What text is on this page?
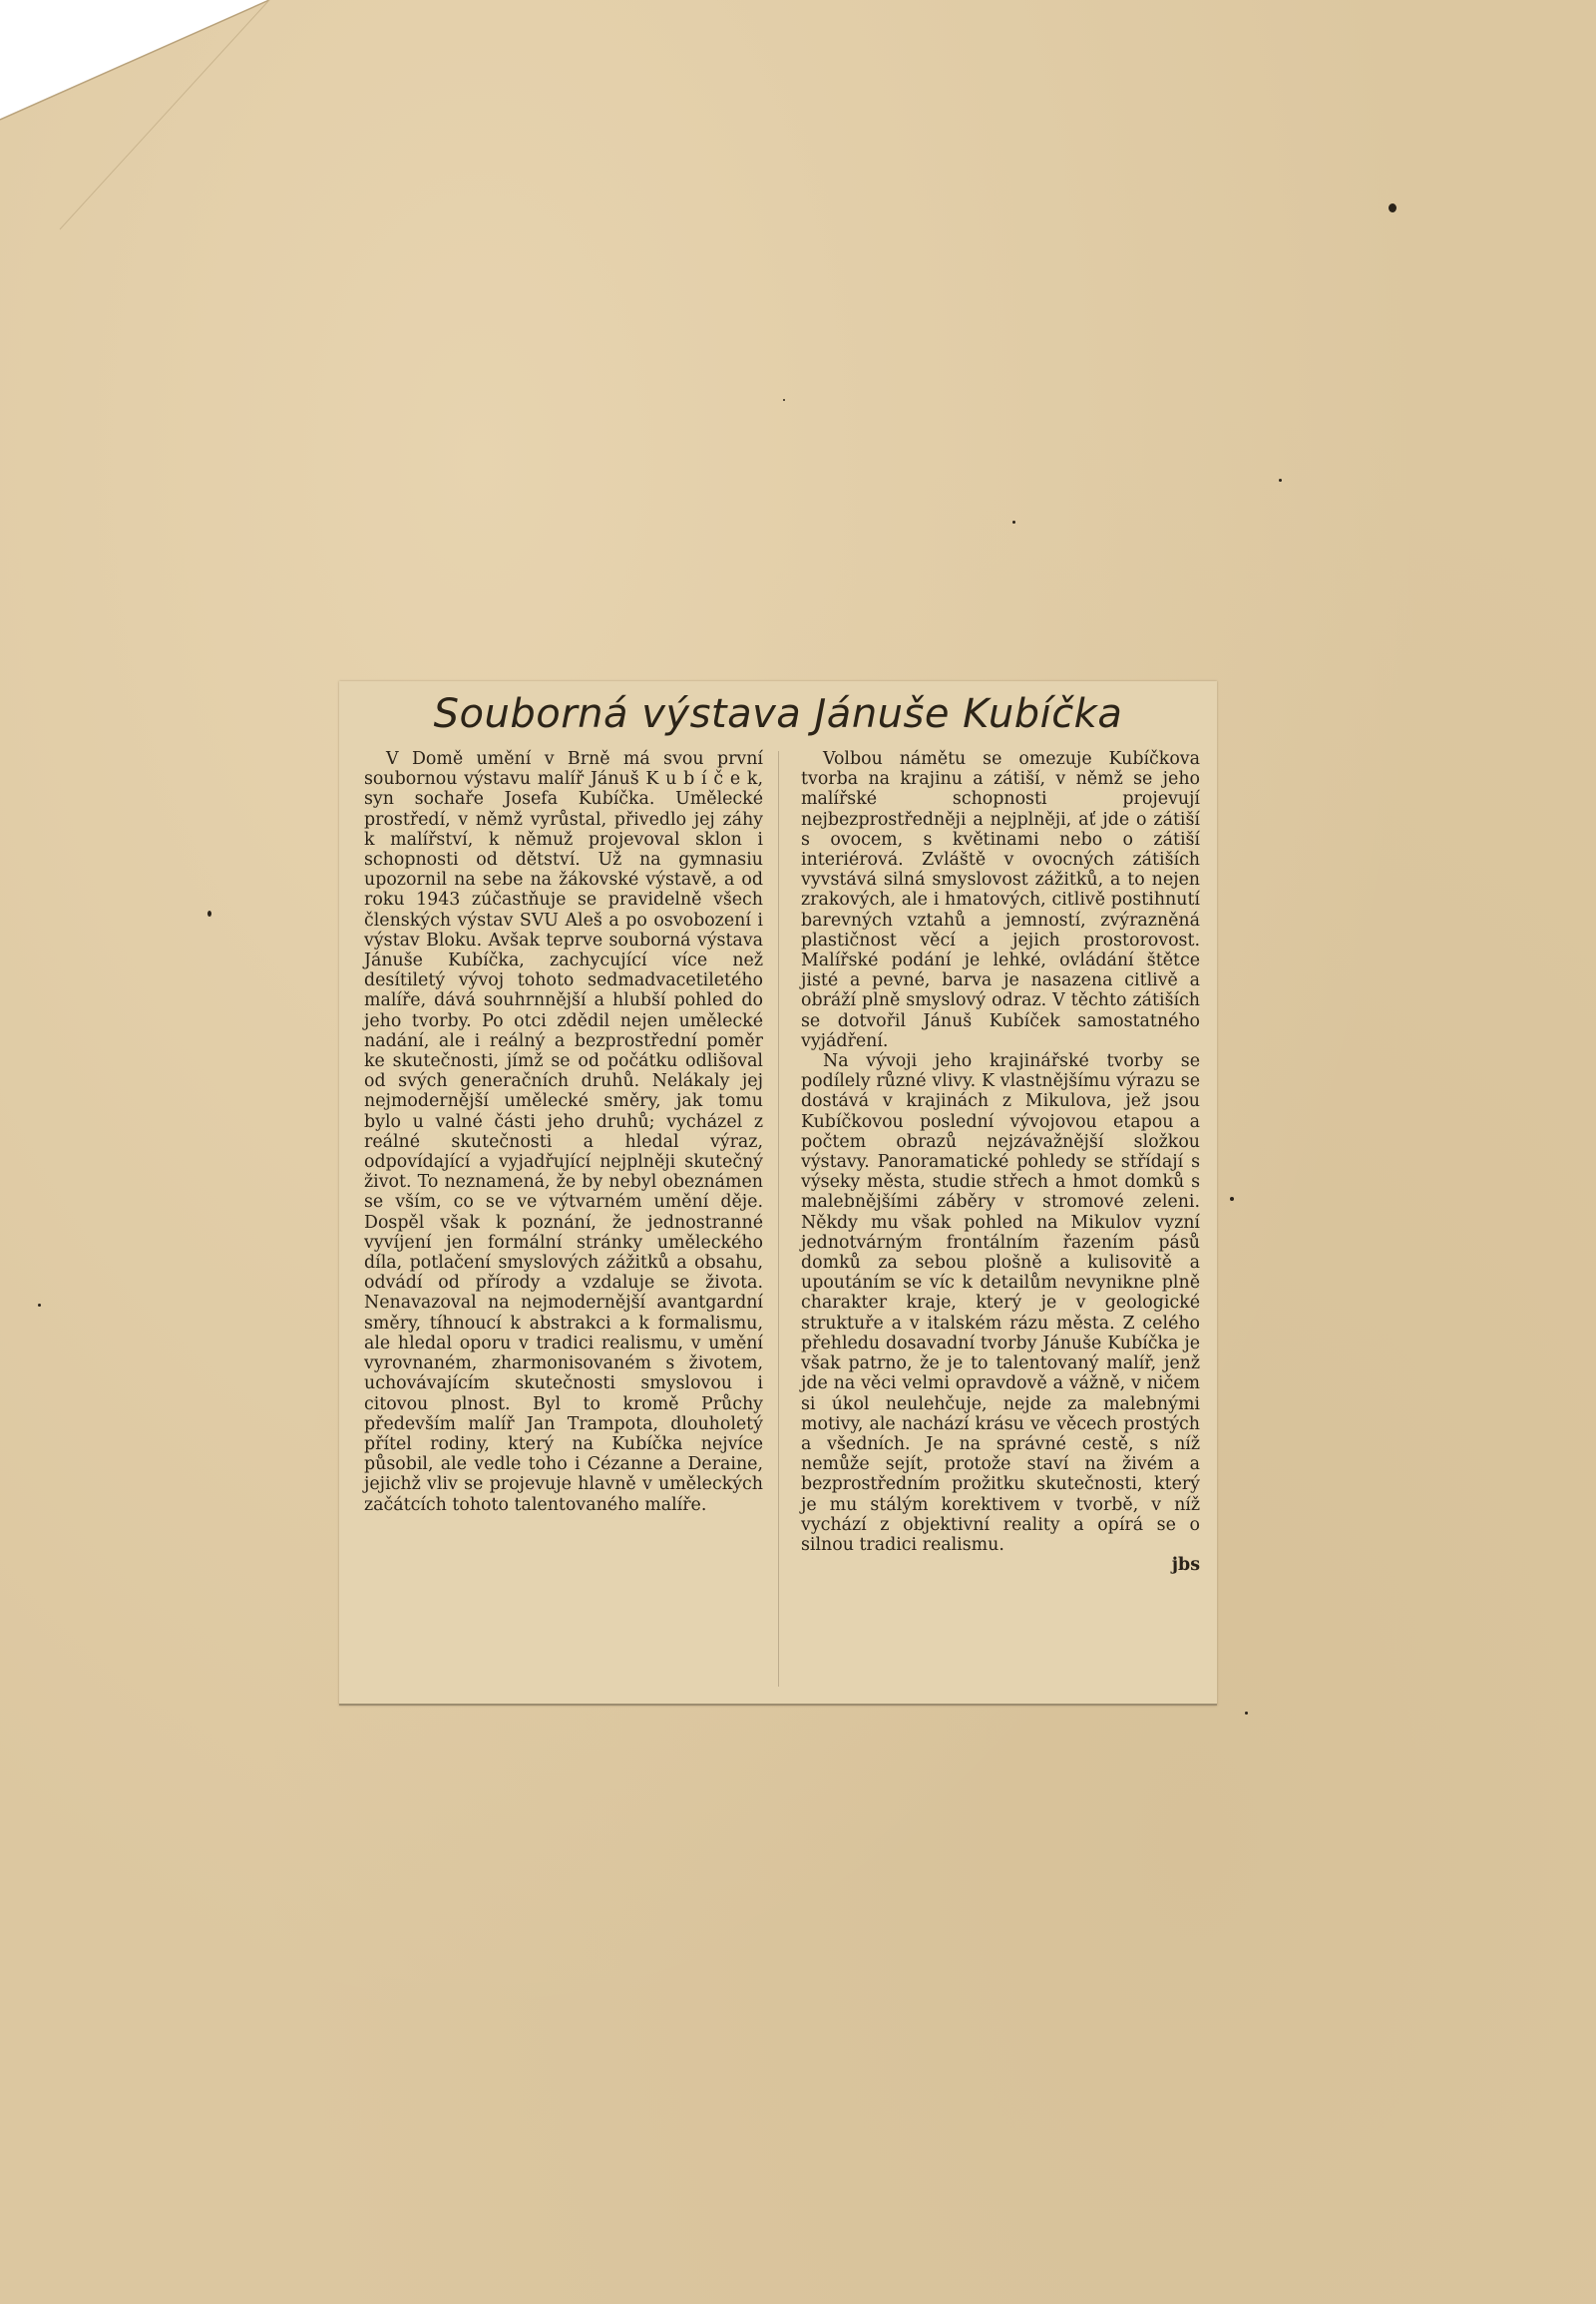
Souborná výstava Jánuše Kubíčka

V Domě umění v Brně má svou první soubornou výstavu malíř Jánuš K u b í č e k, syn sochaře Josefa Kubíčka. Umělecké prostředí, v němž vyrůstal, přivedlo jej záhy k malířství, k němuž projevoval sklon i schopnosti od dětství. Už na gymnasiu upozornil na sebe na žákovské výstavě, a od roku 1943 zúčastňuje se pravidelně všech členských výstav SVU Aleš a po osvobození i výstav Bloku. Avšak teprve souborná výstava Jánuše Kubíčka, zachycující více než desítiletý vývoj tohoto sedmadvacetiletého malíře, dává souhrnnější a hlubší pohled do jeho tvorby. Po otci zdědil nejen umělecké nadání, ale i reálný a bezprostřední poměr ke skutečnosti, jímž se od počátku odlišoval od svých generačních druhů. Nelákaly jej nejmodernější umělecké směry, jak tomu bylo u valné části jeho druhů; vycházel z reálné skutečnosti a hledal výraz, odpovídající a vyjadřující nejplněji skutečný život. To neznamená, že by nebyl obeznámen se vším, co se ve výtvarném umění děje. Dospěl však k poznání, že jednostranné vyvíjení jen formální stránky uměleckého díla, potlačení smyslových zážitků a obsahu, odvádí od přírody a vzdaluje se života. Nenavazoval na nejmodernější avantgardní směry, tíhnoucí k abstrakci a k formalismu, ale hledal oporu v tradici realismu, v umění vyrovnaném, zharmonisovaném s životem, uchovávajícím skutečnosti smyslovou i citovou plnost. Byl to kromě Průchy především malíř Jan Trampota, dlouholetý přítel rodiny, který na Kubíčka nejvíce působil, ale vedle toho i Cézanne a Deraine, jejichž vliv se projevuje hlavně v uměleckých začátcích tohoto talentovaného malíře.

Volbou námětu se omezuje Kubíčkova tvorba na krajinu a zátiší, v němž se jeho malířské schopnosti projevují nejbezprostředněji a nejplněji, ať jde o zátiší s ovocem, s květinami nebo o zátiší interiérová. Zvláště v ovocných zátiších vyvstává silná smyslovost zážitků, a to nejen zrakových, ale i hmatových, citlivě postihnutí barevných vztahů a jemností, zvýrazněná plastičnost věcí a jejich prostorovost. Malířské podání je lehké, ovládání štětce jisté a pevné, barva je nasazena citlivě a obráží plně smyslový odraz. V těchto zátiších se dotvořil Jánuš Kubíček samostatného vyjádření.

Na vývoji jeho krajinářské tvorby se podílely různé vlivy. K vlastnějšímu výrazu se dostává v krajinách z Mikulova, jež jsou Kubíčkovou poslední vývojovou etapou a počtem obrazů nejzávažnější složkou výstavy. Panoramatické pohledy se střídají s výseky města, studie střech a hmot domků s malebnějšími záběry v stromové zeleni. Někdy mu však pohled na Mikulov vyzní jednotvárným frontálním řazením pásů domků za sebou plošně a kulisovitě a upoutáním se víc k detailům nevynikne plně charakter kraje, který je v geologické struktuře a v italském rázu města. Z celého přehledu dosavadní tvorby Jánuše Kubíčka je však patrno, že je to talentovaný malíř, jenž jde na věci velmi opravdově a vážně, v ničem si úkol neulehčuje, nejde za malebnými motivy, ale nachází krásu ve věcech prostých a všedních. Je na správné cestě, s níž nemůže sejít, protože staví na živém a bezprostředním prožitku skutečnosti, který je mu stálým korektivem v tvorbě, v níž vychází z objektivní reality a opírá se o silnou tradici realismu.

jbs
